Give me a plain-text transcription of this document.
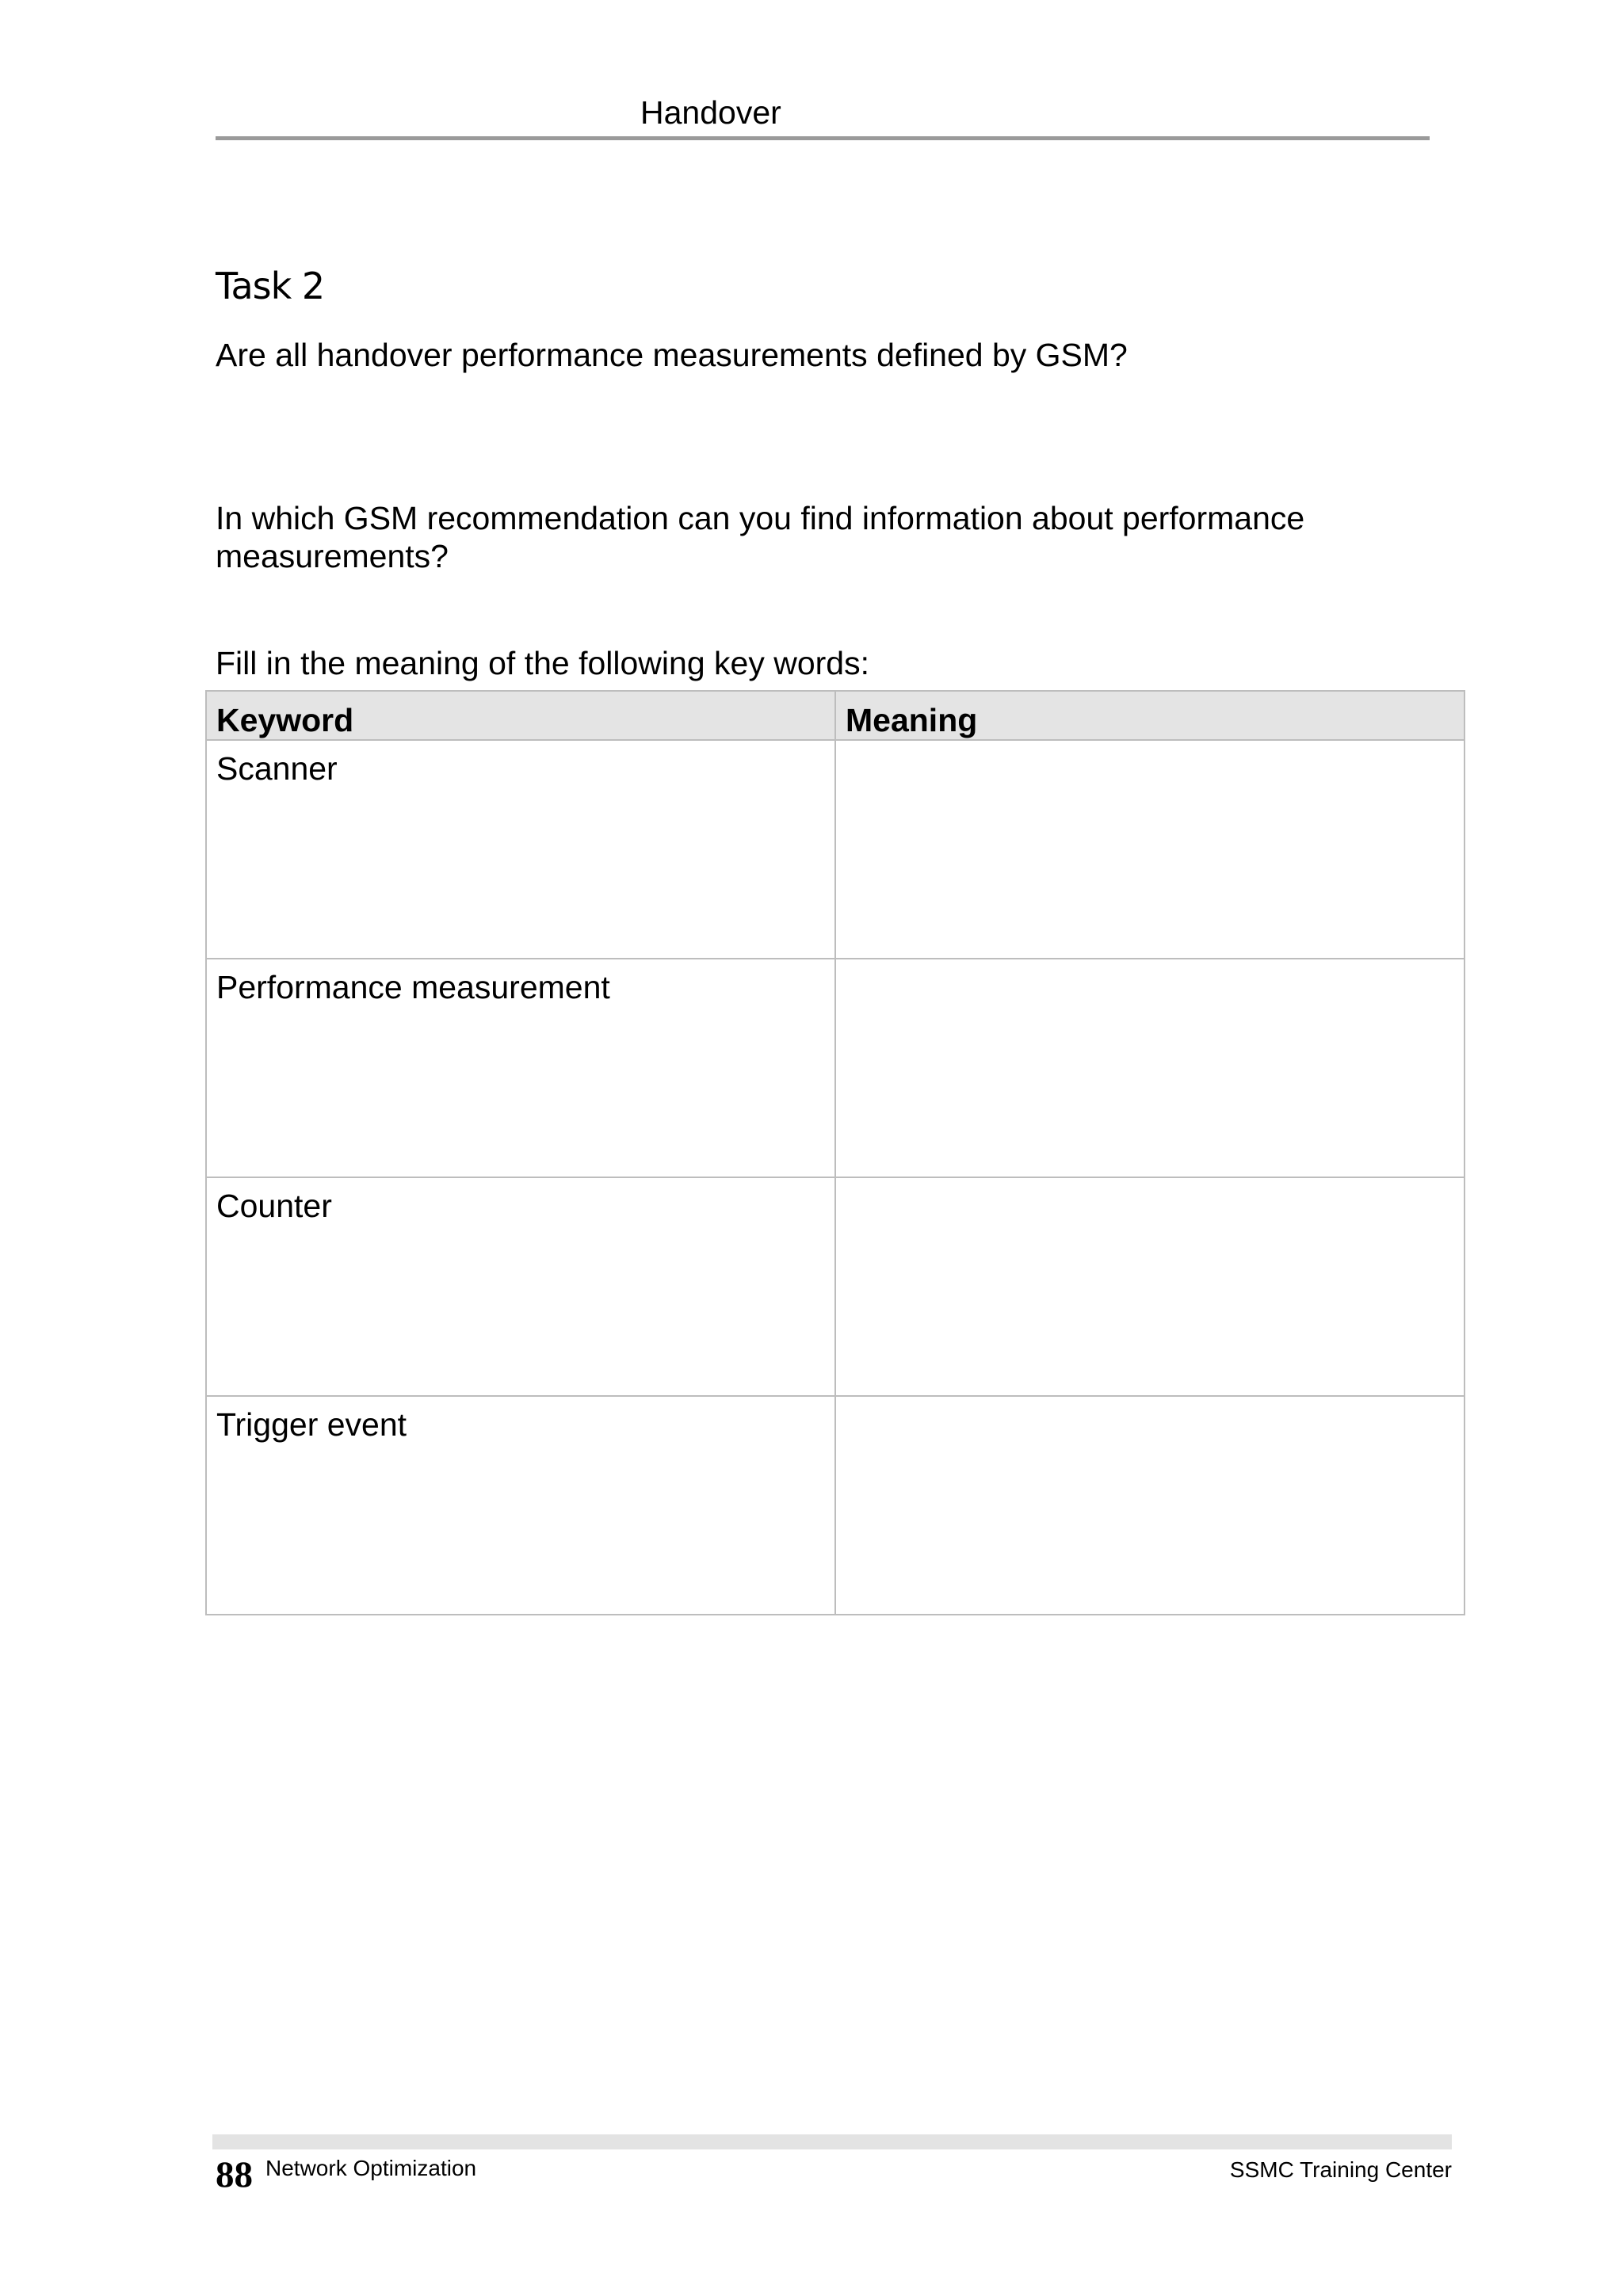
Handover
Task 2
Are all handover performance measurements defined by GSM?
In which GSM recommendation can you find information about performance
measurements?
Fill in the meaning of the following key words:
Keyword	Meaning
Scanner	
Performance measurement	
Counter	
Trigger event	
88 Network Optimization	SSMC Training Center
